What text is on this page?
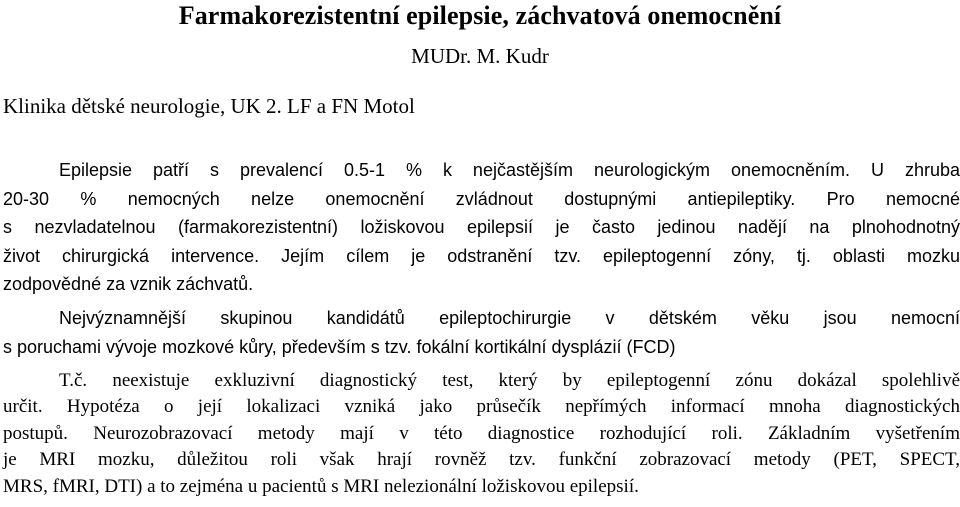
Farmakorezistentní epilepsie, záchvatová onemocnění
MUDr. M. Kudr
Klinika dětské neurologie, UK 2. LF a FN Motol
Epilepsie patří s prevalencí 0.5-1 % k nejčastějším neurologickým onemocněním. U zhruba
20-30 % nemocných nelze onemocnění zvládnout dostupnými antiepileptiky. Pro nemocné
s nezvladatelnou (farmakorezistentní) ložiskovou epilepsií je často jedinou nadějí na plnohodnotný
život chirurgická intervence. Jejím cílem je odstranění tzv. epileptogenní zóny, tj. oblasti mozku
zodpovědné za vznik záchvatů.
Nejvýznamnější skupinou kandidátů epileptochirurgie v dětském věku jsou nemocní
s poruchami vývoje mozkové kůry, především s tzv. fokální kortikální dysplázií (FCD)
T.č. neexistuje exkluzivní diagnostický test, který by epileptogenní zónu dokázal spolehlivě
určit. Hypotéza o její lokalizaci vzniká jako průsečík nepřímých informací mnoha diagnostických
postupů. Neurozobrazovací metody mají v této diagnostice rozhodující roli. Základním vyšetřením
je MRI mozku, důležitou roli však hrají rovněž tzv. funkční zobrazovací metody (PET, SPECT,
MRS, fMRI, DTI) a to zejména u pacientů s MRI nelezionální ložiskovou epilepsií.
